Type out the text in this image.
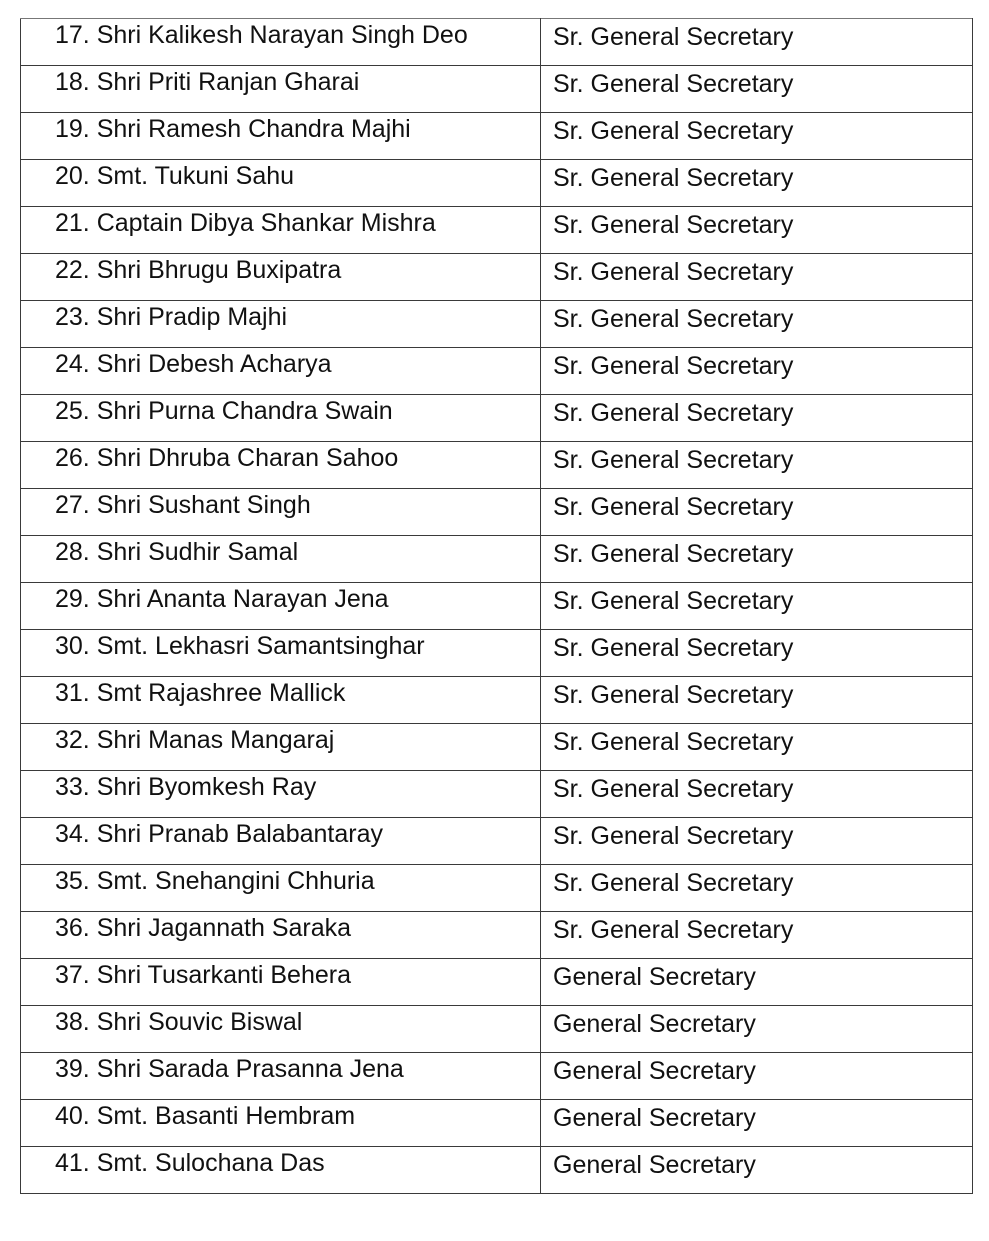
17. Shri Kalikesh Narayan Singh Deo	Sr. General Secretary
18. Shri Priti Ranjan Gharai	Sr. General Secretary
19. Shri Ramesh Chandra Majhi	Sr. General Secretary
20. Smt. Tukuni Sahu	Sr. General Secretary
21. Captain Dibya Shankar Mishra	Sr. General Secretary
22. Shri Bhrugu Buxipatra	Sr. General Secretary
23. Shri Pradip Majhi	Sr. General Secretary
24. Shri Debesh Acharya	Sr. General Secretary
25. Shri Purna Chandra Swain	Sr. General Secretary
26. Shri Dhruba Charan Sahoo	Sr. General Secretary
27. Shri Sushant Singh	Sr. General Secretary
28. Shri Sudhir Samal	Sr. General Secretary
29. Shri Ananta Narayan Jena	Sr. General Secretary
30. Smt. Lekhasri Samantsinghar	Sr. General Secretary
31. Smt Rajashree Mallick	Sr. General Secretary
32. Shri Manas Mangaraj	Sr. General Secretary
33. Shri Byomkesh Ray	Sr. General Secretary
34. Shri Pranab Balabantaray	Sr. General Secretary
35. Smt. Snehangini Chhuria	Sr. General Secretary
36. Shri Jagannath Saraka	Sr. General Secretary
37. Shri Tusarkanti Behera	General Secretary
38. Shri Souvic Biswal	General Secretary
39. Shri Sarada Prasanna Jena	General Secretary
40. Smt. Basanti Hembram	General Secretary
41. Smt. Sulochana Das	General Secretary
